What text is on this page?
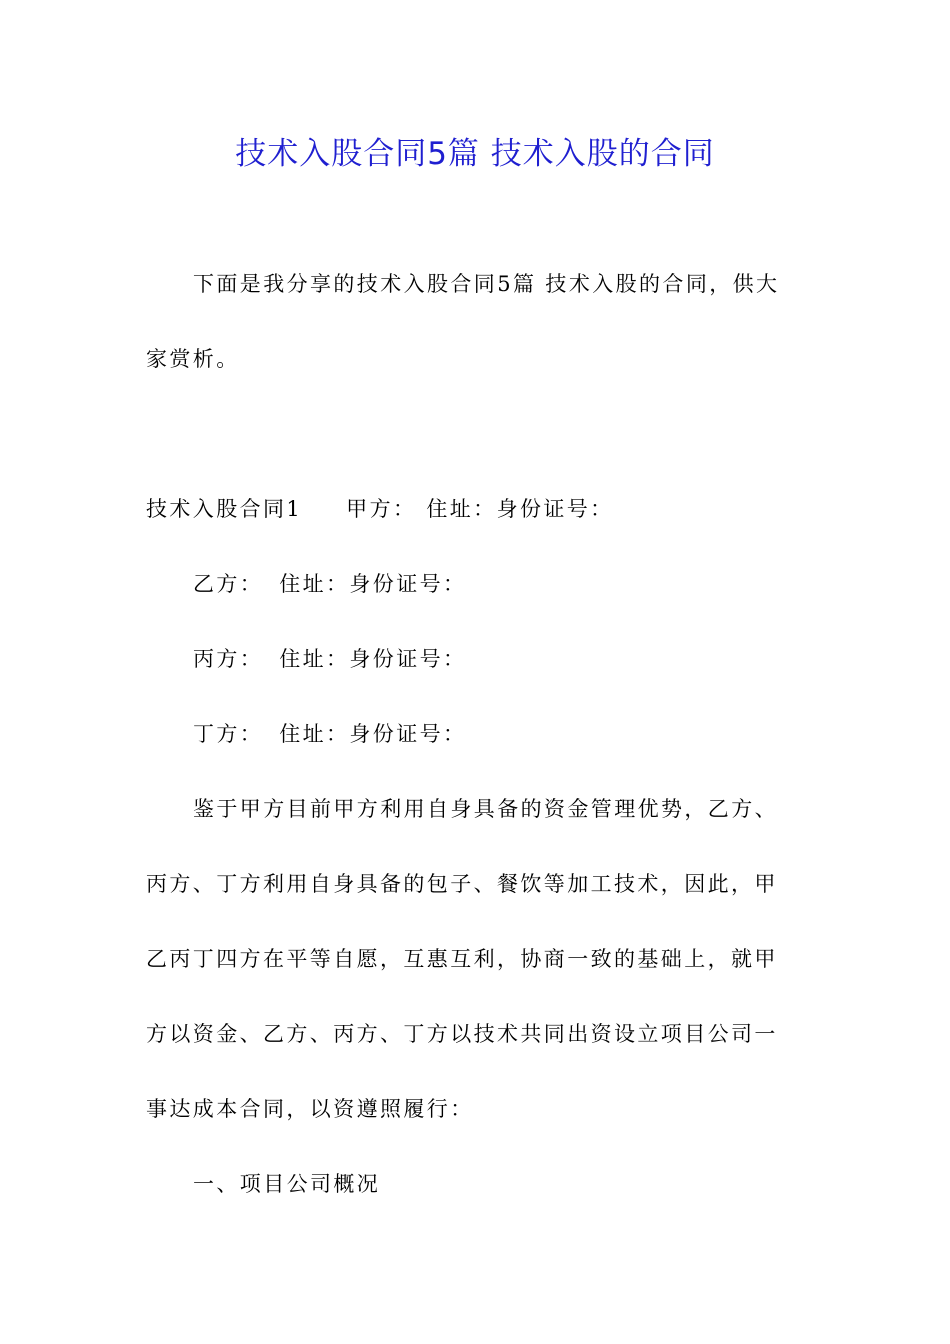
技术入股合同5篇 技术入股的合同
下面是我分享的技术入股合同5篇 技术入股的合同，供大
家赏析。
技术入股合同1 甲方： 住址：身份证号：
乙方： 住址：身份证号：
丙方： 住址：身份证号：
丁方： 住址：身份证号：
鉴于甲方目前甲方利用自身具备的资金管理优势，乙方、
丙方、丁方利用自身具备的包子、餐饮等加工技术，因此，甲
乙丙丁四方在平等自愿，互惠互利，协商一致的基础上，就甲
方以资金、乙方、丙方、丁方以技术共同出资设立项目公司一
事达成本合同，以资遵照履行：
一、项目公司概况
